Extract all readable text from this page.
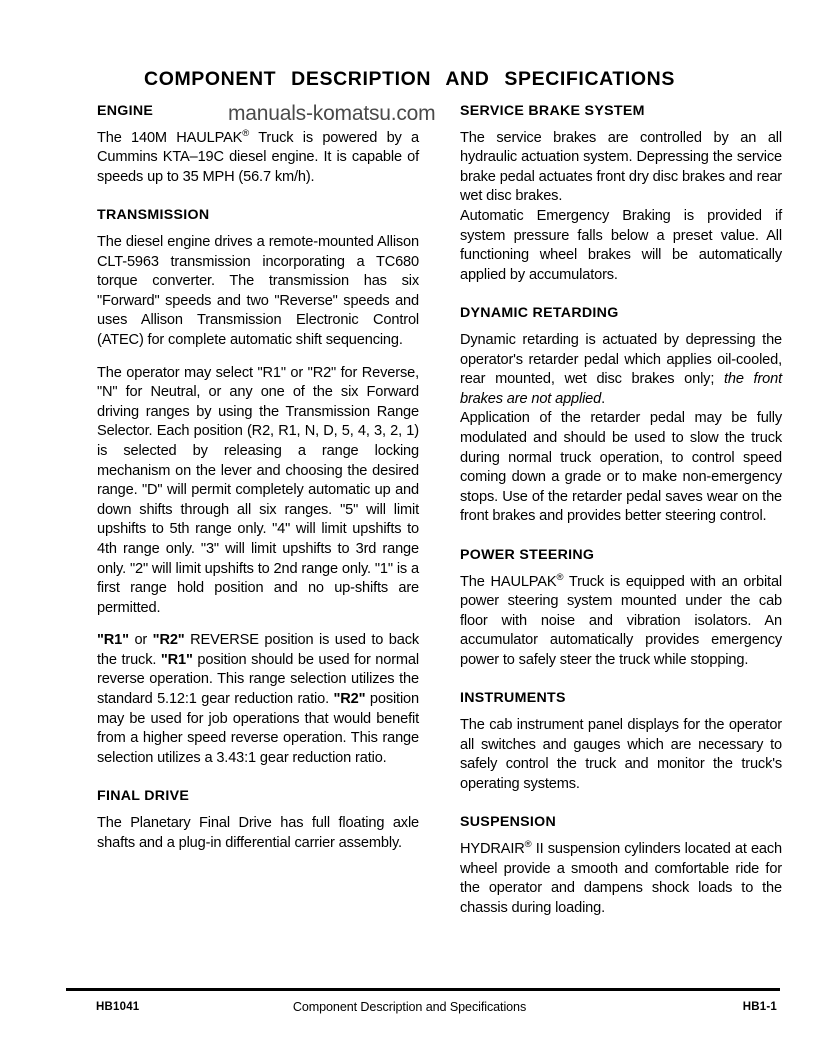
COMPONENT DESCRIPTION AND SPECIFICATIONS
manuals-komatsu.com
ENGINE

The 140M HAULPAK® Truck is powered by a Cummins KTA–19C diesel engine. It is capable of speeds up to 35 MPH (56.7 km/h).

TRANSMISSION

The diesel engine drives a remote-mounted Allison CLT-5963 transmission incorporating a TC680 torque converter. The transmission has six "Forward" speeds and two "Reverse" speeds and uses Allison Transmission Electronic Control (ATEC) for complete automatic shift sequencing.

The operator may select "R1" or "R2" for Reverse, "N" for Neutral, or any one of the six Forward driving ranges by using the Transmission Range Selector. Each position (R2, R1, N, D, 5, 4, 3, 2, 1) is selected by releasing a range locking mechanism on the lever and choosing the desired range. "D" will permit completely automatic up and down shifts through all six ranges. "5" will limit upshifts to 5th range only. "4" will limit upshifts to 4th range only. "3" will limit upshifts to 3rd range only. "2" will limit upshifts to 2nd range only. "1" is a first range hold position and no up-shifts are permitted.

"R1" or "R2" REVERSE position is used to back the truck. "R1" position should be used for normal reverse operation. This range selection utilizes the standard 5.12:1 gear reduction ratio. "R2" position may be used for job operations that would benefit from a higher speed reverse operation. This range selection utilizes a 3.43:1 gear reduction ratio.

FINAL DRIVE

The Planetary Final Drive has full floating axle shafts and a plug-in differential carrier assembly.

SERVICE BRAKE SYSTEM

The service brakes are controlled by an all hydraulic actuation system. Depressing the service brake pedal actuates front dry disc brakes and rear wet disc brakes.

Automatic Emergency Braking is provided if system pressure falls below a preset value. All functioning wheel brakes will be automatically applied by accumulators.

DYNAMIC RETARDING

Dynamic retarding is actuated by depressing the operator's retarder pedal which applies oil-cooled, rear mounted, wet disc brakes only; the front brakes are not applied.

Application of the retarder pedal may be fully modulated and should be used to slow the truck during normal truck operation, to control speed coming down a grade or to make non-emergency stops. Use of the retarder pedal saves wear on the front brakes and provides better steering control.

POWER STEERING

The HAULPAK® Truck is equipped with an orbital power steering system mounted under the cab floor with noise and vibration isolators. An accumulator automatically provides emergency power to safely steer the truck while stopping.

INSTRUMENTS

The cab instrument panel displays for the operator all switches and gauges which are necessary to safely control the truck and monitor the truck's operating systems.

SUSPENSION

HYDRAIR® II suspension cylinders located at each wheel provide a smooth and comfortable ride for the operator and dampens shock loads to the chassis during loading.

HB1041	Component Description and Specifications	HB1-1
